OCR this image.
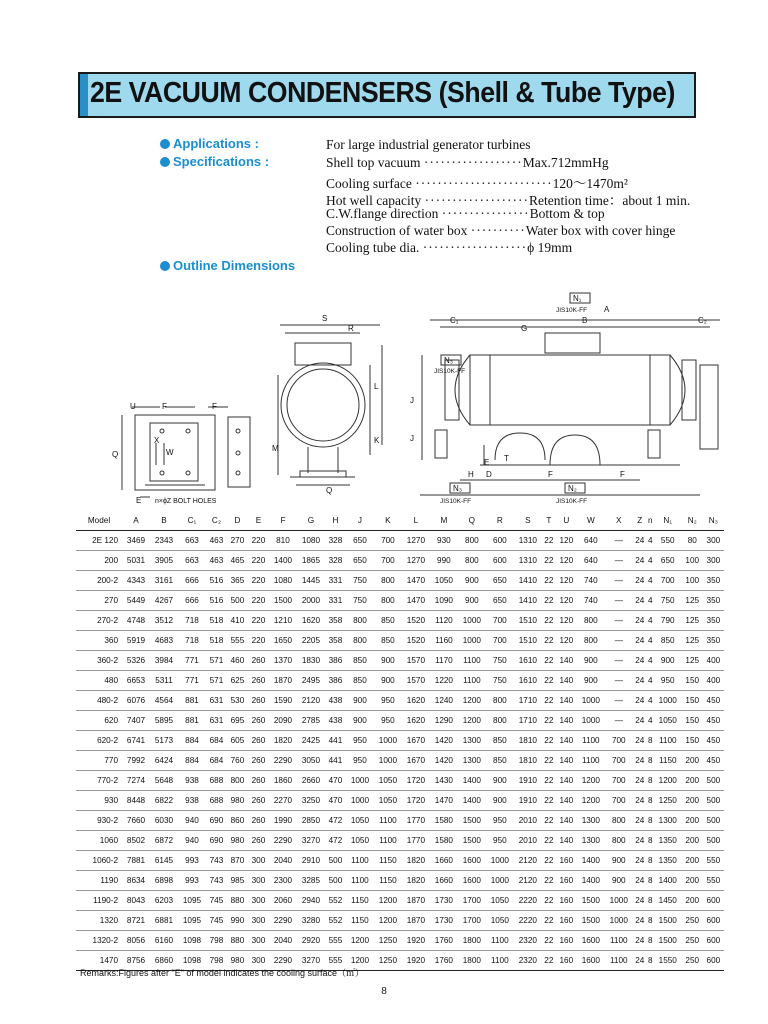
2E VACUUM CONDENSERS (Shell & Tube Type)
Applications :
Specifications :
Outline Dimensions
For large industrial generator turbines
Shell top vacuum ··················Max.712mmHg
Cooling surface ·························120～1470m²
Hot well capacity ···················Retention time：about 1 min.
C.W.flange direction ················Bottom & top
Construction of water box ··········Water box with cover hinge
Cooling tube dia. ···················ϕ 19mm
N₁
JIS10K-FF A
B
C₁	C₂
G
S
R
L
K
M
J
J
Q
Q
U	F	F
X
W
E n×ϕZ BOLT HOLES
N₃
JIS10K-FF
E
H D
T
F	F
N₃
JIS10K-FF
N₂
JIS10K-FF
Model	A	B	C₁	C₂	D	E	F	G	H	J	K	L	M	Q	R	S	T	U	W	X	Z	n	N₁	N₂	N₃
2E 120	3469	2343	663	463	270	220	810	1080	328	650	700	1270	930	800	600	1310	22	120	640	—	24	4	550	80	300
200	5031	3905	663	463	465	220	1400	1865	328	650	700	1270	990	800	600	1310	22	120	640	—	24	4	650	100	300
200-2	4343	3161	666	516	365	220	1080	1445	331	750	800	1470	1050	900	650	1410	22	120	740	—	24	4	700	100	350
270	5449	4267	666	516	500	220	1500	2000	331	750	800	1470	1090	900	650	1410	22	120	740	—	24	4	750	125	350
270-2	4748	3512	718	518	410	220	1210	1620	358	800	850	1520	1120	1000	700	1510	22	120	800	—	24	4	790	125	350
360	5919	4683	718	518	555	220	1650	2205	358	800	850	1520	1160	1000	700	1510	22	120	800	—	24	4	850	125	350
360-2	5326	3984	771	571	460	260	1370	1830	386	850	900	1570	1170	1100	750	1610	22	140	900	—	24	4	900	125	400
480	6653	5311	771	571	625	260	1870	2495	386	850	900	1570	1220	1100	750	1610	22	140	900	—	24	4	950	150	400
480-2	6076	4564	881	631	530	260	1590	2120	438	900	950	1620	1240	1200	800	1710	22	140	1000	—	24	4	1000	150	450
620	7407	5895	881	631	695	260	2090	2785	438	900	950	1620	1290	1200	800	1710	22	140	1000	—	24	4	1050	150	450
620-2	6741	5173	884	684	605	260	1820	2425	441	950	1000	1670	1420	1300	850	1810	22	140	1100	700	24	8	1100	150	450
770	7992	6424	884	684	760	260	2290	3050	441	950	1000	1670	1420	1300	850	1810	22	140	1100	700	24	8	1150	200	450
770-2	7274	5648	938	688	800	260	1860	2660	470	1000	1050	1720	1430	1400	900	1910	22	140	1200	700	24	8	1200	200	500
930	8448	6822	938	688	980	260	2270	3250	470	1000	1050	1720	1470	1400	900	1910	22	140	1200	700	24	8	1250	200	500
930-2	7660	6030	940	690	860	260	1990	2850	472	1050	1100	1770	1580	1500	950	2010	22	140	1300	800	24	8	1300	200	500
1060	8502	6872	940	690	980	260	2290	3270	472	1050	1100	1770	1580	1500	950	2010	22	140	1300	800	24	8	1350	200	500
1060-2	7881	6145	993	743	870	300	2040	2910	500	1100	1150	1820	1660	1600	1000	2120	22	160	1400	900	24	8	1350	200	550
1190	8634	6898	993	743	985	300	2300	3285	500	1100	1150	1820	1660	1600	1000	2120	22	160	1400	900	24	8	1400	200	550
1190-2	8043	6203	1095	745	880	300	2060	2940	552	1150	1200	1870	1730	1700	1050	2220	22	160	1500	1000	24	8	1450	200	600
1320	8721	6881	1095	745	990	300	2290	3280	552	1150	1200	1870	1730	1700	1050	2220	22	160	1500	1000	24	8	1500	250	600
1320-2	8056	6160	1098	798	880	300	2040	2920	555	1200	1250	1920	1760	1800	1100	2320	22	160	1600	1100	24	8	1500	250	600
1470	8756	6860	1098	798	980	300	2290	3270	555	1200	1250	1920	1760	1800	1100	2320	22	160	1600	1100	24	8	1550	250	600
Remarks:Figures after "E" of model indicates the cooling surface（㎡）
8
